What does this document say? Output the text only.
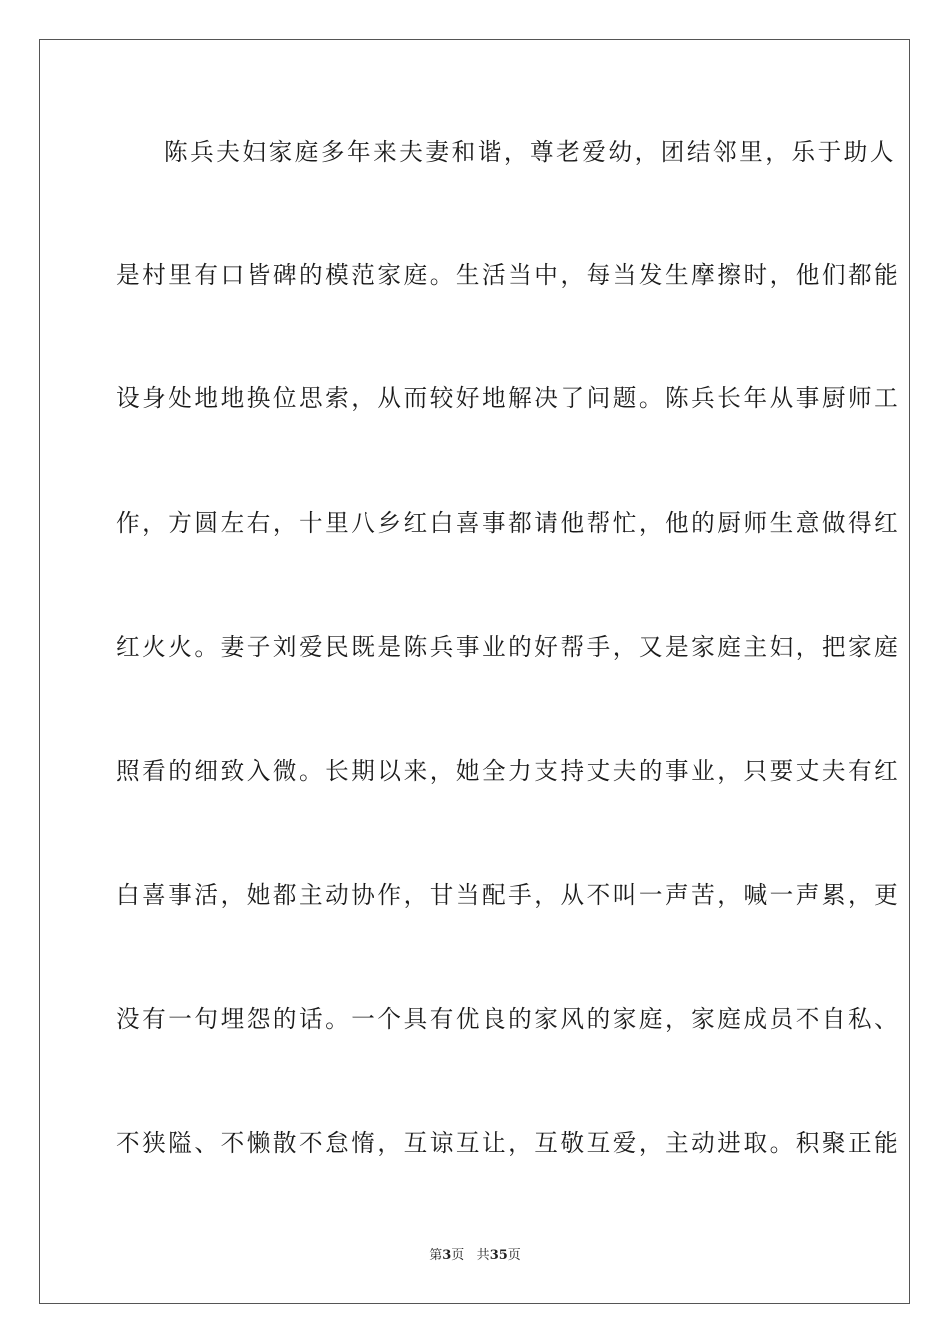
陈兵夫妇家庭多年来夫妻和谐，尊老爱幼，团结邻里，乐于助人
是村里有口皆碑的模范家庭。生活当中，每当发生摩擦时，他们都能
设身处地地换位思索，从而较好地解决了问题。陈兵长年从事厨师工
作，方圆左右，十里八乡红白喜事都请他帮忙，他的厨师生意做得红
红火火。妻子刘爱民既是陈兵事业的好帮手，又是家庭主妇，把家庭
照看的细致入微。长期以来，她全力支持丈夫的事业，只要丈夫有红
白喜事活，她都主动协作，甘当配手，从不叫一声苦，喊一声累，更
没有一句埋怨的话。一个具有优良的家风的家庭，家庭成员不自私、
不狭隘、不懒散不怠惰，互谅互让，互敬互爱，主动进取。积聚正能
第3页 共35页
